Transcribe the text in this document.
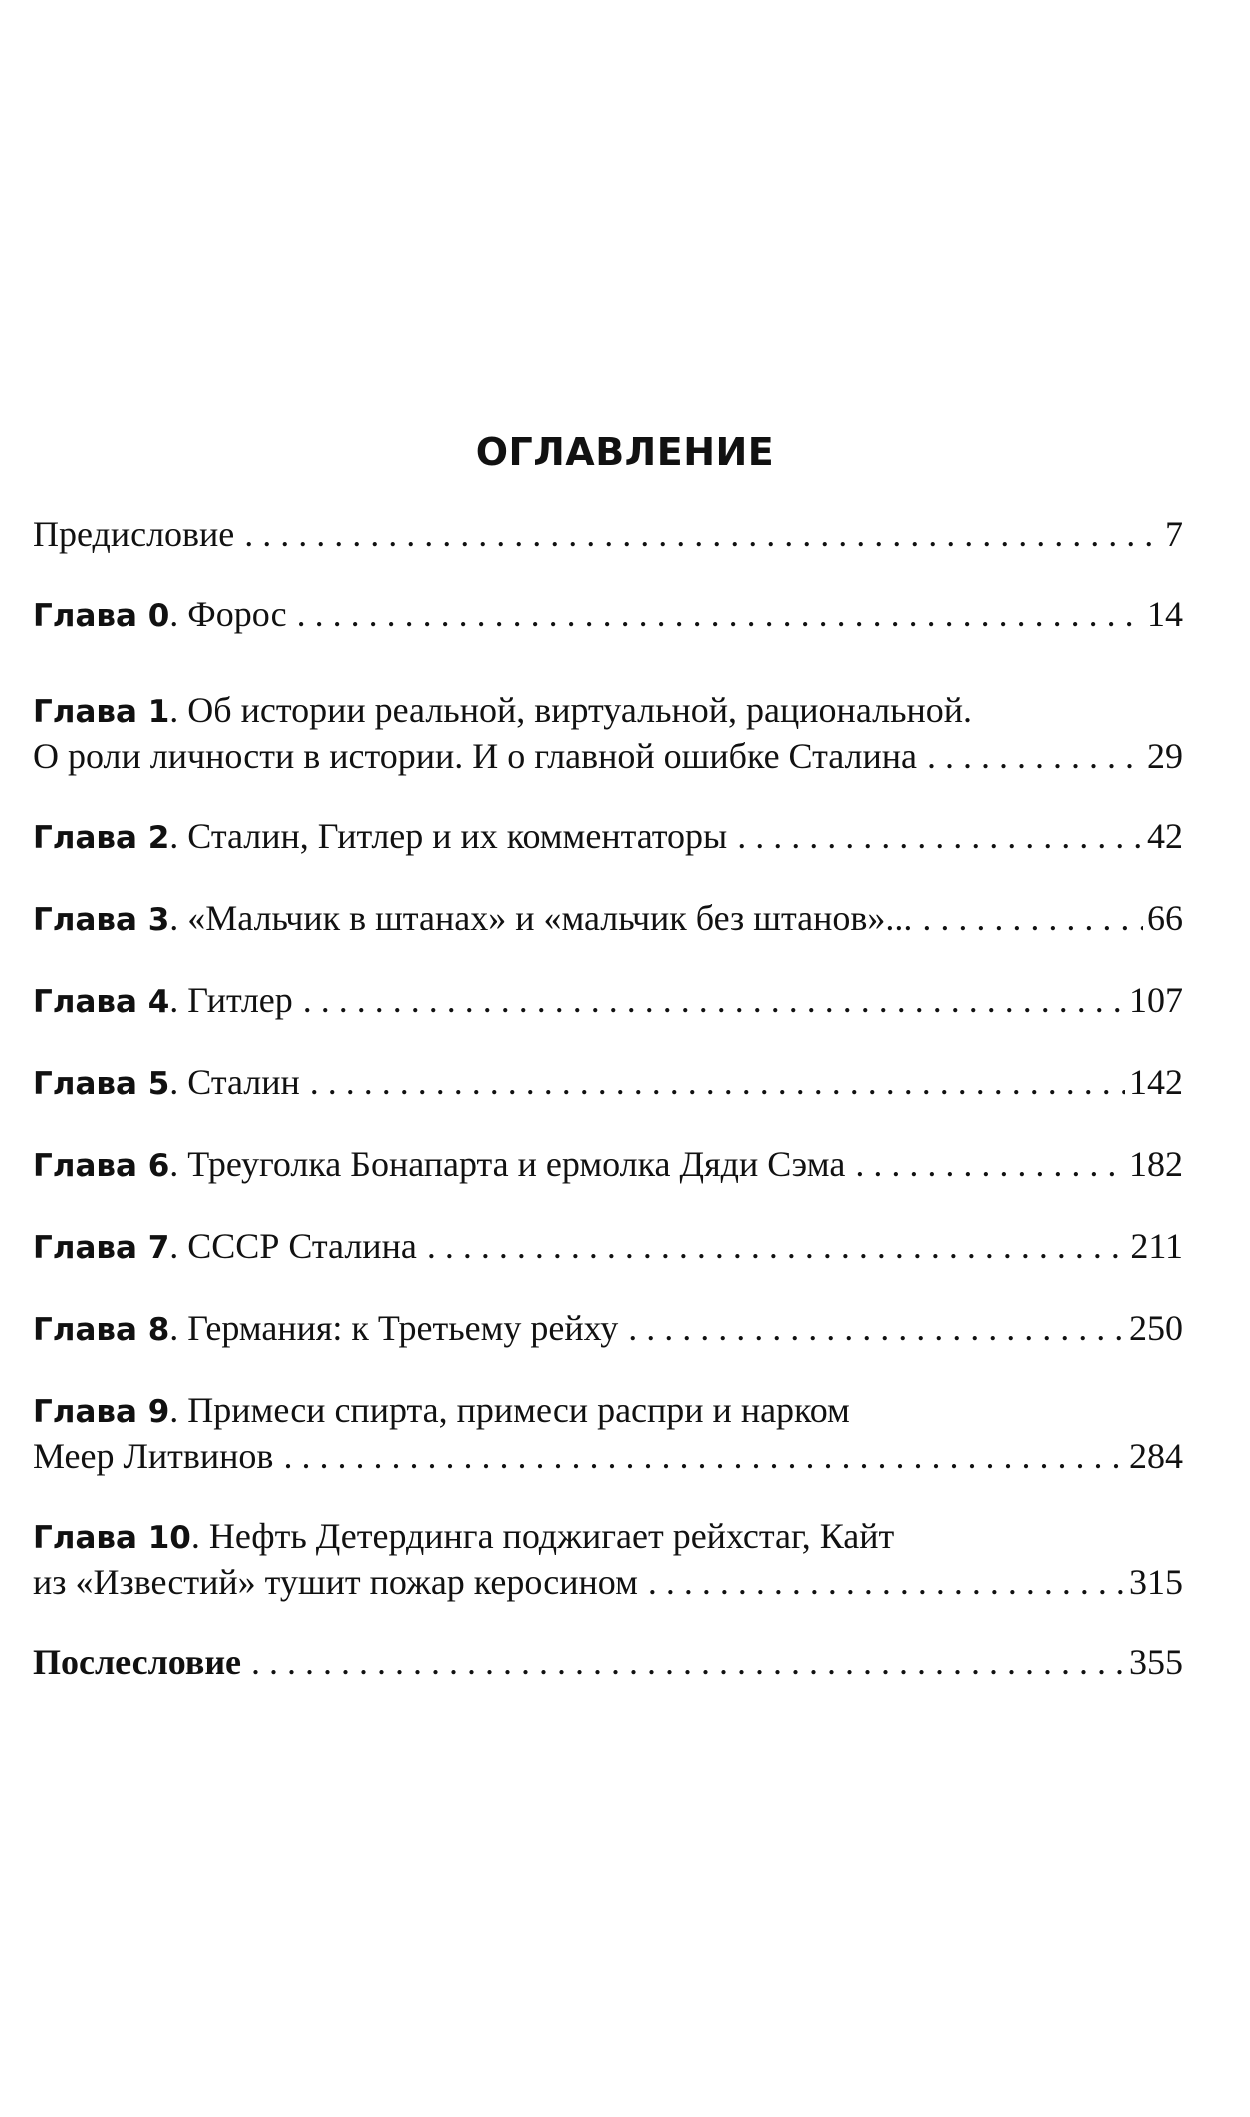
ОГЛАВЛЕНИЕ
Предисловие . . .	7
Глава 0 . Форос . . .	14
Глава 1 . Об истории реальной, виртуальной, рациональной.
О роли личности в истории. И о главной ошибке Сталина . . .	29
Глава 2 . Сталин, Гитлер и их комментаторы . . .	42
Глава 3 . «Мальчик в штанах» и «мальчик без штанов»... . . .	66
Глава 4 . Гитлер . . .	107
Глава 5 . Сталин . . .	142
Глава 6 . Треуголка Бонапарта и ермолка Дяди Сэма . . .	182
Глава 7 . СССР Сталина . . .	211
Глава 8 . Германия: к Третьему рейху . . .	250
Глава 9 . Примеси спирта, примеси распри и нарком
Меер Литвинов . . .	284
Глава 10 . Нефть Детердинга поджигает рейхстаг, Кайт
из «Известий» тушит пожар керосином . . .	315
Послесловие . . .	355
